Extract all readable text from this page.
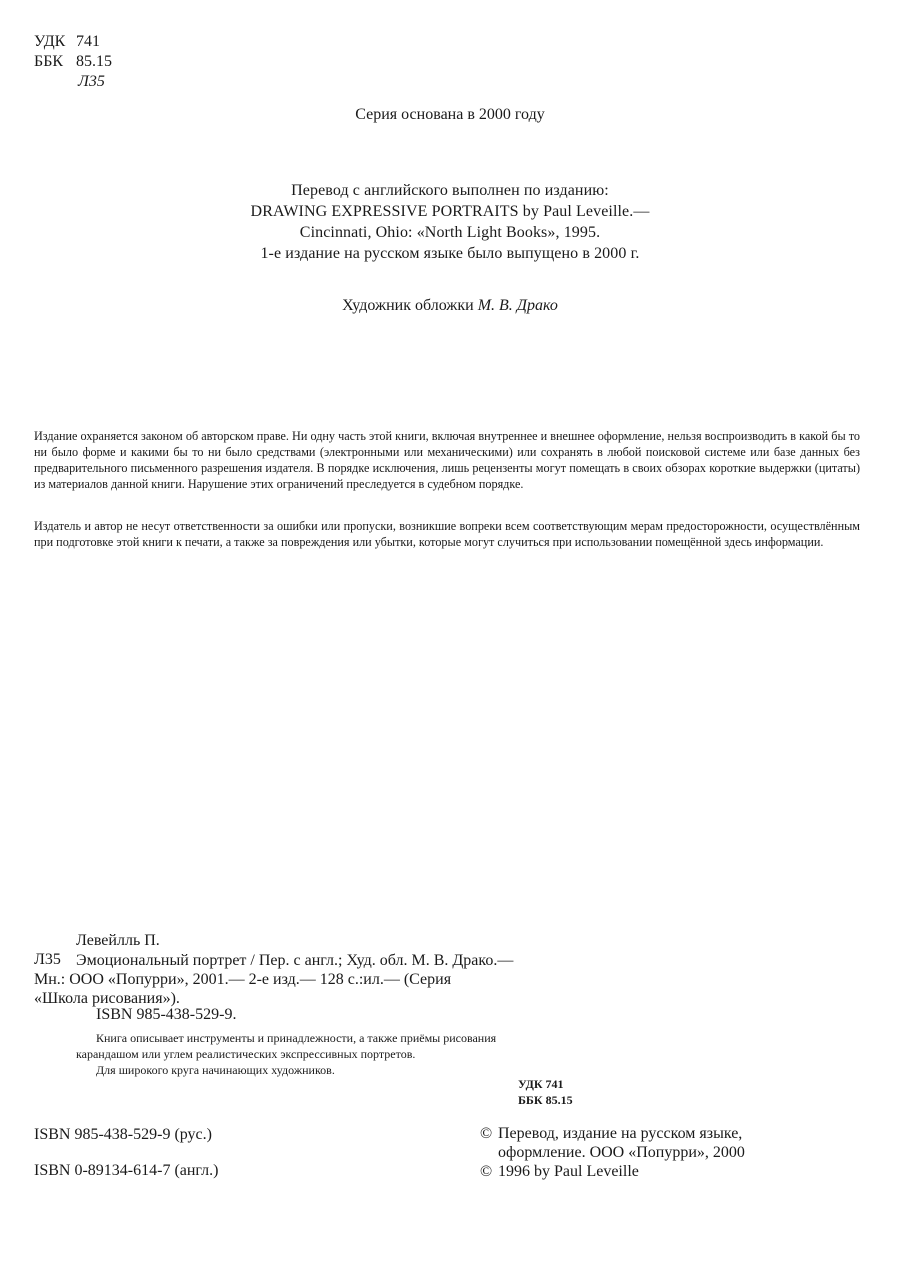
УДК 741
ББК 85.15
Л35
Серия основана в 2000 году
Перевод с английского выполнен по изданию:
DRAWING EXPRESSIVE PORTRAITS by Paul Leveille.—
Cincinnati, Ohio: «North Light Books», 1995.
1-е издание на русском языке было выпущено в 2000 г.
Художник обложки М. В. Драко
Издание охраняется законом об авторском праве. Ни одну часть этой книги, включая внутреннее и внешнее оформление, нельзя воспроизводить в какой бы то ни было форме и какими бы то ни было средствами (электронными или механическими) или сохранять в любой поисковой системе или базе данных без предварительного письменного разрешения издателя. В порядке исключения, лишь рецензенты могут помещать в своих обзорах короткие выдержки (цитаты) из материалов данной книги. Нарушение этих ограничений преследуется в судебном порядке.
Издатель и автор не несут ответственности за ошибки или пропуски, возникшие вопреки всем соответствующим мерам предосторожности, осуществлённым при подготовке этой книги к печати, а также за повреждения или убытки, которые могут случиться при использовании помещённой здесь информации.
Левейлль П.
Л35 Эмоциональный портрет / Пер. с англ.; Худ. обл. М. В. Драко.—
Мн.: ООО «Попурри», 2001.— 2-е изд.— 128 с.:ил.— (Серия
«Школа рисования»).
ISBN 985-438-529-9.
Книга описывает инструменты и принадлежности, а также приёмы рисования
карандашом или углем реалистических экспрессивных портретов.
Для широкого круга начинающих художников.
УДК 741
ББК 85.15
ISBN 985-438-529-9 (рус.)
ISBN 0-89134-614-7 (англ.)
© Перевод, издание на русском языке,
оформление. ООО «Попурри», 2000
© 1996 by Paul Leveille
